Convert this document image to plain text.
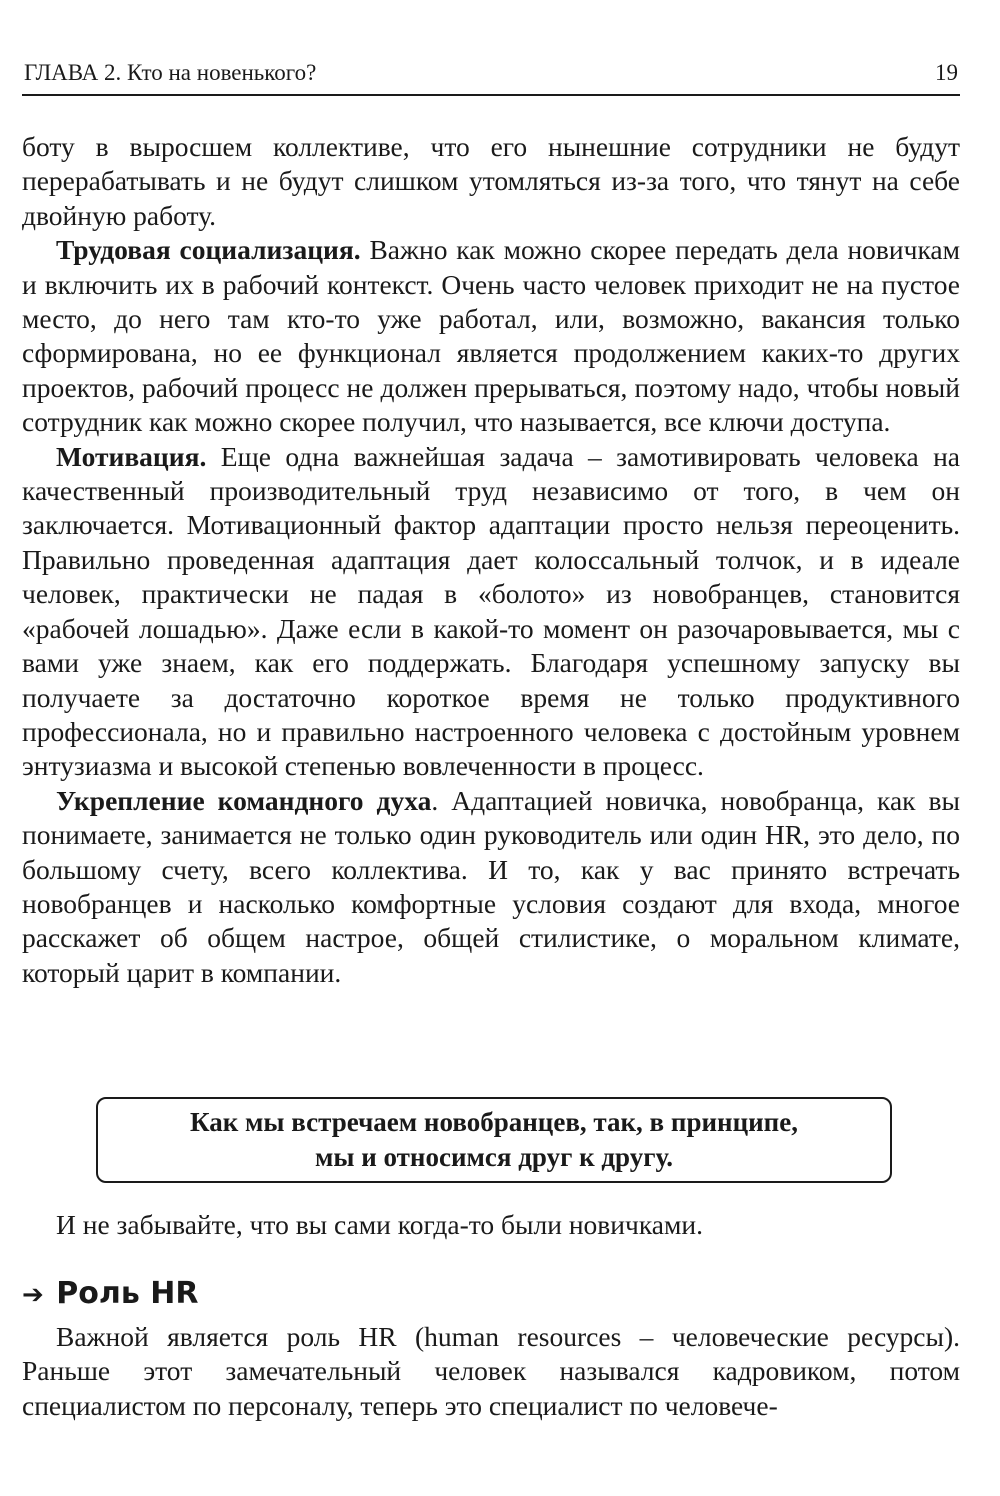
ГЛАВА 2. Кто на новенького?	19

боту в выросшем коллективе, что его нынешние сотрудники не будут перерабатывать и не будут слишком утомляться из-за того, что тянут на себе двойную работу.

Трудовая социализация. Важно как можно скорее передать дела новичкам и включить их в рабочий контекст. Очень часто человек приходит не на пустое место, до него там кто-то уже работал, или, возможно, вакансия только сформирована, но ее функционал является продолжением каких-то других проектов, рабочий процесс не должен прерываться, поэтому надо, чтобы новый сотрудник как можно скорее получил, что называется, все ключи доступа.

Мотивация. Еще одна важнейшая задача – замотивировать человека на качественный производительный труд независимо от того, в чем он заключается. Мотивационный фактор адаптации просто нельзя переоценить. Правильно проведенная адаптация дает колоссальный толчок, и в идеале человек, практически не падая в «болото» из новобранцев, становится «рабочей лошадью». Даже если в какой-то момент он разочаровывается, мы с вами уже знаем, как его поддержать. Благодаря успешному запуску вы получаете за достаточно короткое время не только продуктивного профессионала, но и правильно настроенного человека с достойным уровнем энтузиазма и высокой степенью вовлеченности в процесс.

Укрепление командного духа. Адаптацией новичка, новобранца, как вы понимаете, занимается не только один руководитель или один HR, это дело, по большому счету, всего коллектива. И то, как у вас принято встречать новобранцев и насколько комфортные условия создают для входа, многое расскажет об общем настрое, общей стилистике, о моральном климате, который царит в компании.

Как мы встречаем новобранцев, так, в принципе,
мы и относимся друг к другу.
И не забывайте, что вы сами когда-то были новичками.
➔ Роль HR

Важной является роль HR (human resources – человеческие ресурсы). Раньше этот замечательный человек назывался кадровиком, потом специалистом по персоналу, теперь это специалист по человече-
